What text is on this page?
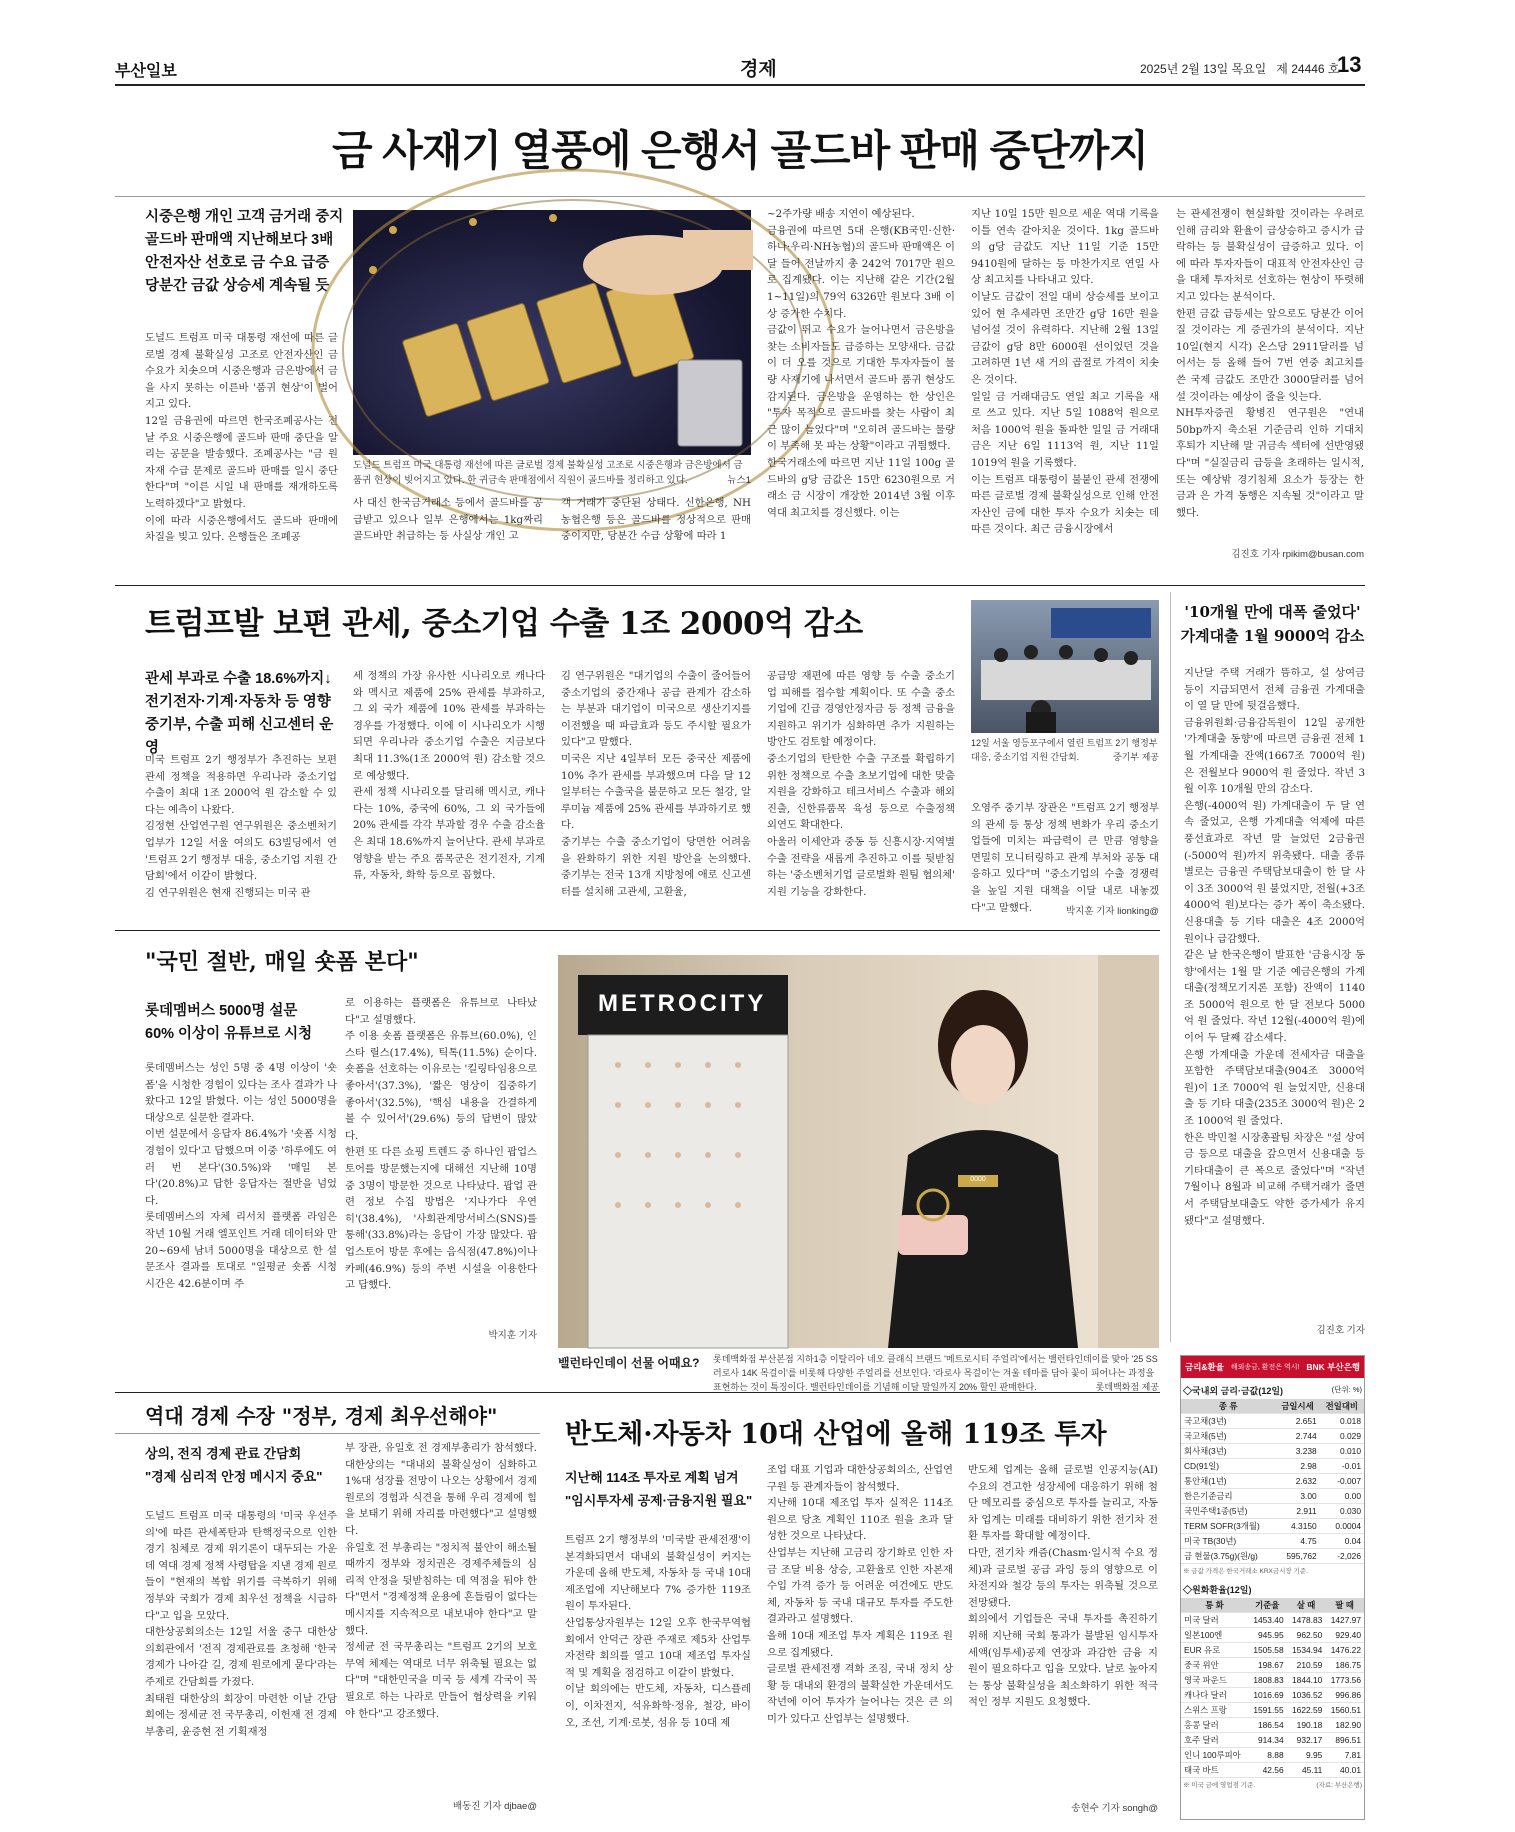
부산일보	경제	2025년 2월 13일 목요일 제 24446 호
13
금 사재기 열풍에 은행서 골드바 판매 중단까지
시중은행 개인 고객 금거래 중지
골드바 판매액 지난해보다 3배
안전자산 선호로 금 수요 급증
당분간 금값 상승세 계속될 듯
도널드 트럼프 미국 대통령 재선에 따른 글로벌 경제 불확실성 고조로 안전자산인 금 수요가 치솟으며 시중은행과 금은방에서 금을 사지 못하는 이른바 '품귀 현상'이 벌어지고 있다.
12일 금융권에 따르면 한국조폐공사는 전날 주요 시중은행에 골드바 판매 중단을 알리는 공문을 발송했다. 조폐공사는 "금 원자재 수급 문제로 골드바 판매를 일시 중단한다"며 "이른 시일 내 판매를 재개하도록 노력하겠다"고 밝혔다.
이에 따라 시중은행에서도 골드바 판매에 차질을 빚고 있다. 은행들은 조폐공
도널드 트럼프 미국 대통령 재선에 따른 글로벌 경제 불확실성 고조로 시중은행과 금은방에서 금 품귀 현상이 빚어지고 있다. 한 귀금속 판매점에서 직원이 골드바를 정리하고 있다.	뉴스1
사 대신 한국금거래소 등에서 골드바를 공급받고 있으나 일부 은행에서는 1kg짜리 골드바만 취급하는 등 사실상 개인 고
객 거래가 중단된 상태다. 신한은행, NH농협은행 등은 골드바를 정상적으로 판매 중이지만, 당분간 수급 상황에 따라 1
~2주가량 배송 지연이 예상된다.
금융권에 따르면 5대 은행(KB국민·신한·하나·우리·NH농협)의 골드바 판매액은 이달 들어 전날까지 총 242억 7017만 원으로 집계됐다. 이는 지난해 같은 기간(2월 1~11일)의 79억 6326만 원보다 3배 이상 증가한 수치다.
금값이 뛰고 수요가 늘어나면서 금은방을 찾는 소비자들도 급증하는 모양새다. 금값이 더 오를 것으로 기대한 투자자들이 물량 사재기에 나서면서 골드바 품귀 현상도 감지된다. 금은방을 운영하는 한 상인은 "투자 목적으로 골드바를 찾는 사람이 최근 많이 늘었다"며 "오히려 골드바는 물량이 부족해 못 파는 상황"이라고 귀띔했다.
한국거래소에 따르면 지난 11일 100g 골드바의 g당 금값은 15만 6230원으로 거래소 금 시장이 개장한 2014년 3월 이후 역대 최고치를 경신했다. 이는
지난 10일 15만 원으로 세운 역대 기록을 이틀 연속 갈아치운 것이다. 1kg 골드바의 g당 금값도 지난 11일 기준 15만 9410원에 달하는 등 마찬가지로 연일 사상 최고치를 나타내고 있다.
이날도 금값이 전일 대비 상승세를 보이고 있어 현 추세라면 조만간 g당 16만 원을 넘어설 것이 유력하다. 지난해 2월 13일 금값이 g당 8만 6000원 선이었던 것을 고려하면 1년 새 거의 곱절로 가격이 치솟은 것이다.
일일 금 거래대금도 연일 최고 기록을 새로 쓰고 있다. 지난 5일 1088억 원으로 처음 1000억 원을 돌파한 일일 금 거래대금은 지난 6일 1113억 원, 지난 11일 1019억 원을 기록했다.
이는 트럼프 대통령이 불붙인 관세 전쟁에 따른 글로벌 경제 불확실성으로 인해 안전자산인 금에 대한 투자 수요가 치솟는 데 따른 것이다. 최근 금융시장에서
는 관세전쟁이 현실화할 것이라는 우려로 인해 금리와 환율이 급상승하고 증시가 급락하는 등 불확실성이 급증하고 있다. 이에 따라 투자자들이 대표적 안전자산인 금을 대체 투자처로 선호하는 현상이 뚜렷해지고 있다는 분석이다.
한편 금값 급등세는 앞으로도 당분간 이어질 것이라는 게 증권가의 분석이다. 지난 10일(현지 시각) 온스당 2911달러를 넘어서는 등 올해 들어 7번 연중 최고치를 쓴 국제 금값도 조만간 3000달러를 넘어설 것이라는 예상이 줄을 잇는다.
NH투자증권 황병진 연구원은 "연내 50bp까지 축소된 기준금리 인하 기대치 후퇴가 지난해 말 귀금속 섹터에 선반영됐다"며 "실질금리 급등을 초래하는 일시적, 또는 예상밖 경기침체 요소가 등장는 한 금과 은 가격 동행은 지속될 것"이라고 말했다.
김진호 기자 rpikim@busan.com
트럼프발 보편 관세, 중소기업 수출 1조 2000억 감소
관세 부과로 수출 18.6%까지↓
전기전자·기계·자동차 등 영향
중기부, 수출 피해 신고센터 운영
미국 트럼프 2기 행정부가 추진하는 보편 관세 정책을 적용하면 우리나라 중소기업 수출이 최대 1조 2000억 원 감소할 수 있다는 예측이 나왔다.
김정현 산업연구원 연구위원은 중소벤처기업부가 12일 서울 여의도 63빌딩에서 연 '트럼프 2기 행정부 대응, 중소기업 지원 간담회'에서 이같이 밝혔다.
김 연구위원은 현재 진행되는 미국 관
세 정책의 가장 유사한 시나리오로 캐나다와 멕시코 제품에 25% 관세를 부과하고, 그 외 국가 제품에 10% 관세를 부과하는 경우를 가정했다. 이에 이 시나리오가 시행되면 우리나라 중소기업 수출은 지금보다 최대 11.3%(1조 2000억 원) 감소할 것으로 예상했다.
관세 정책 시나리오를 달리해 멕시코, 캐나다는 10%, 중국에 60%, 그 외 국가들에 20% 관세를 각각 부과할 경우 수출 감소율은 최대 18.6%까지 늘어난다. 관세 부과로 영향을 받는 주요 품목군은 전기전자, 기계류, 자동차, 화학 등으로 꼽혔다.
김 연구위원은 "대기업의 수출이 줄어들어 중소기업의 중간재나 공급 관계가 감소하는 부분과 대기업이 미국으로 생산기지를 이전했을 때 파급효과 등도 주시할 필요가 있다"고 말했다.
미국은 지난 4일부터 모든 중국산 제품에 10% 추가 관세를 부과했으며 다음 달 12일부터는 수출국을 불문하고 모든 철강, 알루미늄 제품에 25% 관세를 부과하기로 했다.
중기부는 수출 중소기업이 당면한 어려움을 완화하기 위한 지원 방안을 논의했다. 중기부는 전국 13개 지방청에 애로 신고센터를 설치해 고관세, 고환율,
공급망 재편에 따른 영향 등 수출 중소기업 피해를 접수할 계획이다. 또 수출 중소기업에 긴급 경영안정자금 등 정책 금융을 지원하고 위기가 심화하면 추가 지원하는 방안도 검토할 예정이다.
중소기업의 탄탄한 수출 구조를 확립하기 위한 정책으로 수출 초보기업에 대한 맞춤지원을 강화하고 테크서비스 수출과 해외진출, 신한류품목 육성 등으로 수출정책 외연도 확대한다.
아울러 이세안과 중동 등 신흥시장·지역별 수출 전략을 새롭게 추진하고 이를 뒷받침하는 '중소벤처기업 글로벌화 원팀 협의체' 지원 기능을 강화한다.
12일 서울 영등포구에서 열린 트럼프 2기 행정부 대응, 중소기업 지원 간담회.	중기부 제공
오영주 중기부 장관은 "트럼프 2기 행정부의 관세 등 통상 정책 변화가 우리 중소기업들에 미치는 파급력이 큰 만큼 영향을 면밀히 모니터링하고 관계 부처와 공동 대응하고 있다"며 "중소기업의 수출 경쟁력을 높일 지원 대책을 이달 내로 내놓겠다"고 말했다.	박지훈 기자 lionking@
'10개월 만에 대폭 줄었다'
가계대출 1월 9000억 감소
지난달 주택 거래가 뜸하고, 설 상여금 등이 지급되면서 전체 금융권 가계대출이 열 달 만에 뒷걸음했다.
금융위원회·금융감독원이 12일 공개한 '가계대출 동향'에 따르면 금융권 전체 1월 가계대출 잔액(1667조 7000억 원)은 전월보다 9000억 원 줄었다. 작년 3월 이후 10개월 만의 감소다.
은행(-4000억 원) 가계대출이 두 달 연속 줄었고, 은행 가계대출 억제에 따른 풍선효과로 작년 말 늘었던 2금융권(-5000억 원)까지 위축됐다. 대출 종류별로는 금융권 주택담보대출이 한 달 사이 3조 3000억 원 불었지만, 전월(+3조 4000억 원)보다는 증가 폭이 축소됐다. 신용대출 등 기타 대출은 4조 2000억 원이나 급감했다.
같은 날 한국은행이 발표한 '금융시장 동향'에서는 1월 말 기준 예금은행의 가계대출(정책모기지론 포함) 잔액이 1140조 5000억 원으로 한 달 전보다 5000억 원 줄었다. 작년 12월(-4000억 원)에 이어 두 달째 감소세다.
은행 가계대출 가운데 전세자금 대출을 포함한 주택담보대출(904조 3000억 원)이 1조 7000억 원 늘었지만, 신용대출 등 기타 대출(235조 3000억 원)은 2조 1000억 원 줄었다.
한은 박민철 시장총괄팀 차장은 "설 상여금 등으로 대출을 갚으면서 신용대출 등 기타대출이 큰 폭으로 줄었다"며 "작년 7월이나 8월과 비교해 주택거래가 줄면서 주택담보대출도 약한 증가세가 유지됐다"고 설명했다.
김진호 기자
"국민 절반, 매일 숏폼 본다"
롯데멤버스 5000명 설문
60% 이상이 유튜브로 시청
롯데멤버스는 성인 5명 중 4명 이상이 '숏폼'을 시청한 경험이 있다는 조사 결과가 나왔다고 12일 밝혔다. 이는 성인 5000명을 대상으로 실문한 결과다.
이번 설문에서 응답자 86.4%가 '숏폼 시청 경험이 있다'고 답했으며 이중 '하루에도 여러 번 본다'(30.5%)와 '매일 본다'(20.8%)고 답한 응답자는 절반을 넘었다.
롯데멤버스의 자체 리서치 플랫폼 라임은 작년 10월 거래 엘포인트 거래 데이터와 만 20~69세 남녀 5000명을 대상으로 한 설문조사 결과를 토대로 "일평균 숏폼 시청 시간은 42.6분이며 주
로 이용하는 플랫폼은 유튜브로 나타났다"고 설명했다.
주 이용 숏폼 플랫폼은 유튜브(60.0%), 인스타 릴스(17.4%), 틱톡(11.5%) 순이다. 숏폼을 선호하는 이유로는 '킬링타임용으로 좋아서'(37.3%), '짧은 영상이 집중하기 좋아서'(32.5%), '핵심 내용을 간결하게 볼 수 있어서'(29.6%) 등의 답변이 많았다.
한편 또 다른 쇼핑 트렌드 중 하나인 팝업스토어를 방문했는지에 대해선 지난해 10명 중 3명이 방문한 것으로 나타났다. 팝업 관련 정보 수집 방법은 '지나가다 우연히'(38.4%), '사회관계망서비스(SNS)를 통해'(33.8%)라는 응답이 가장 많았다. 팝업스토어 방문 후에는 음식점(47.8%)이나 카페(46.9%) 등의 주변 시설을 이용한다고 답했다.
박지훈 기자
METROCITY
0000
밸런타인데이 선물 어때요?	롯데백화점 부산본점 지하1층 이탈리아 네오 클래식 브랜드 '메트로시티 주얼리'에서는 밸런타인데이를 맞아 '25 SS 러로사 14K 목걸이'를 비롯해 다양한 주얼리를 선보인다. '라로사 목걸이'는 겨울 테마를 담아 꽃이 피어나는 과정을 표현하는 것이 특징이다. 밸런타인데이를 기념해 이달 말일까지 20% 할인 판매한다.	롯데백화점 제공
역대 경제 수장 "정부, 경제 최우선해야"
상의, 전직 경제 관료 간담회
"경제 심리적 안정 메시지 중요"
도널드 트럼프 미국 대통령의 '미국 우선주의'에 따른 관세폭탄과 탄핵정국으로 인한 경기 침체로 경제 위기론이 대두되는 가운데 역대 경제 정책 사령탑을 지낸 경제 원로들이 "현재의 복합 위기를 극복하기 위해 정부와 국회가 경제 최우선 정책을 시급하다"고 입을 모았다.
대한상공회의소는 12일 서울 중구 대한상의회관에서 '전직 경제관료를 초청해 '한국경제가 나아갈 길, 경제 원로에게 묻다'라는 주제로 간담회를 가졌다.
최태원 대한상의 회장이 마련한 이날 간담회에는 정세균 전 국무총리, 이헌재 전 경제부총리, 윤증현 전 기획재정
부 장관, 유일호 전 경제부총리가 참석했다.
대한상의는 "대내외 불확실성이 심화하고 1%대 성장률 전망이 나오는 상황에서 경제 원로의 경험과 식견을 통해 우리 경제에 힘을 보태기 위해 자리를 마련했다"고 설명했다.
유일호 전 부총리는 "정치적 불안이 해소될 때까지 정부와 정치권은 경제주체들의 심리적 안정을 뒷받침하는 데 역점을 둬야 한다"면서 "경제정책 운용에 흔들림이 없다는 메시지를 지속적으로 내보내야 한다"고 말했다.
정세균 전 국무총리는 "트럼프 2기의 보호무역 체제는 역대로 너무 위축될 필요는 없다"며 "대한민국을 미국 등 세계 각국이 꼭 필요로 하는 나라로 만들어 협상력을 키워야 한다"고 강조했다.
배동진 기자 djbae@
반도체·자동차 10대 산업에 올해 119조 투자
지난해 114조 투자로 계획 넘겨
"임시투자세 공제·금융지원 필요"
트럼프 2기 행정부의 '미국발 관세전쟁'이 본격화되면서 대내외 불확실성이 커지는 가운데 올해 반도체, 자동차 등 국내 10대 제조업에 지난해보다 7% 증가한 119조 원이 투자된다.
산업통상자원부는 12일 오후 한국무역협회에서 안덕근 장관 주재로 제5차 산업투자전략 회의를 열고 10대 제조업 투자실적 및 계획을 점검하고 이같이 밝혔다.
이날 회의에는 반도체, 자동차, 디스플레이, 이차전지, 석유화학·정유, 철강, 바이오, 조선, 기계·로봇, 섬유 등 10대 제
조업 대표 기업과 대한상공회의소, 산업연구원 등 관계자들이 참석했다.
지난해 10대 제조업 투자 실적은 114조 원으로 당초 계획인 110조 원을 초과 달성한 것으로 나타났다.
산업부는 지난해 고금리 장기화로 인한 자금 조달 비용 상승, 고환율로 인한 자본재 수입 가격 증가 등 어려운 여건에도 반도체, 자동차 등 국내 대규모 투자를 주도한 결과라고 설명했다.
올해 10대 제조업 투자 계획은 119조 원으로 집계됐다.
글로벌 관세전쟁 격화 조짐, 국내 정치 상황 등 대내외 환경의 불확실한 가운데서도 작년에 이어 투자가 늘어나는 것은 큰 의미가 있다고 산업부는 설명했다.
반도체 업계는 올해 글로벌 인공지능(AI) 수요의 견고한 성장세에 대응하기 위해 첨단 메모리를 중심으로 투자를 늘리고, 자동차 업계는 미래를 대비하기 위한 전기차 전환 투자를 확대할 예정이다.
다만, 전기차 캐즘(Chasm·일시적 수요 정체)과 글로벌 공급 과잉 등의 영향으로 이차전지와 철강 등의 투자는 위축될 것으로 전망됐다.
회의에서 기업들은 국내 투자를 촉진하기 위해 지난해 국회 통과가 불발된 임시투자세액(임투세)공제 연장과 과감한 금융 지원이 필요하다고 입을 모았다. 날로 높아지는 통상 불확실성을 최소화하기 위한 적극적인 정부 지원도 요청했다.
송현수 기자 songh@
금리&환율 해외송금, 환전은 역시! BNK 부산은행
◇국내외 금리·금값(12일)	(단위: %)
종 류	금일시세	전일대비
국고채(3년)	2.651	0.018
국고채(5년)	2.744	0.029
회사채(3년)	3.238	0.010
CD(91일)	2.98	-0.01
통안채(1년)	2.632	-0.007
한은기준금리	3.00	0.00
국민주택1종(5년)	2.911	0.030
TERM SOFR(3개월)	4.3150	0.0004
미국 TB(30년)	4.75	0.04
금 현물(3.75g)(원/g)	595,762	-2,026
※ 금값 가격은 한국거래소 KRX금시장 기준.
◇원화환율(12일)
통 화	기준율	살 때	팔 때
미국 달러	1453.40	1478.83	1427.97
일본100엔	945.95	962.50	929.40
EUR 유로	1505.58	1534.94	1476.22
중국 위안	198.67	210.59	186.75
영국 파운드	1808.83	1844.10	1773.56
캐나다 달러	1016.69	1036.52	996.86
스위스 프랑	1591.55	1622.59	1560.51
홍콩 달러	186.54	190.18	182.90
호주 달러	914.34	932.17	896.51
인니 100루피아	8.88	9.95	7.81
태국 바트	42.56	45.11	40.01
※ 미국 금에 영업점 기준.	(자료: 부산은행)
